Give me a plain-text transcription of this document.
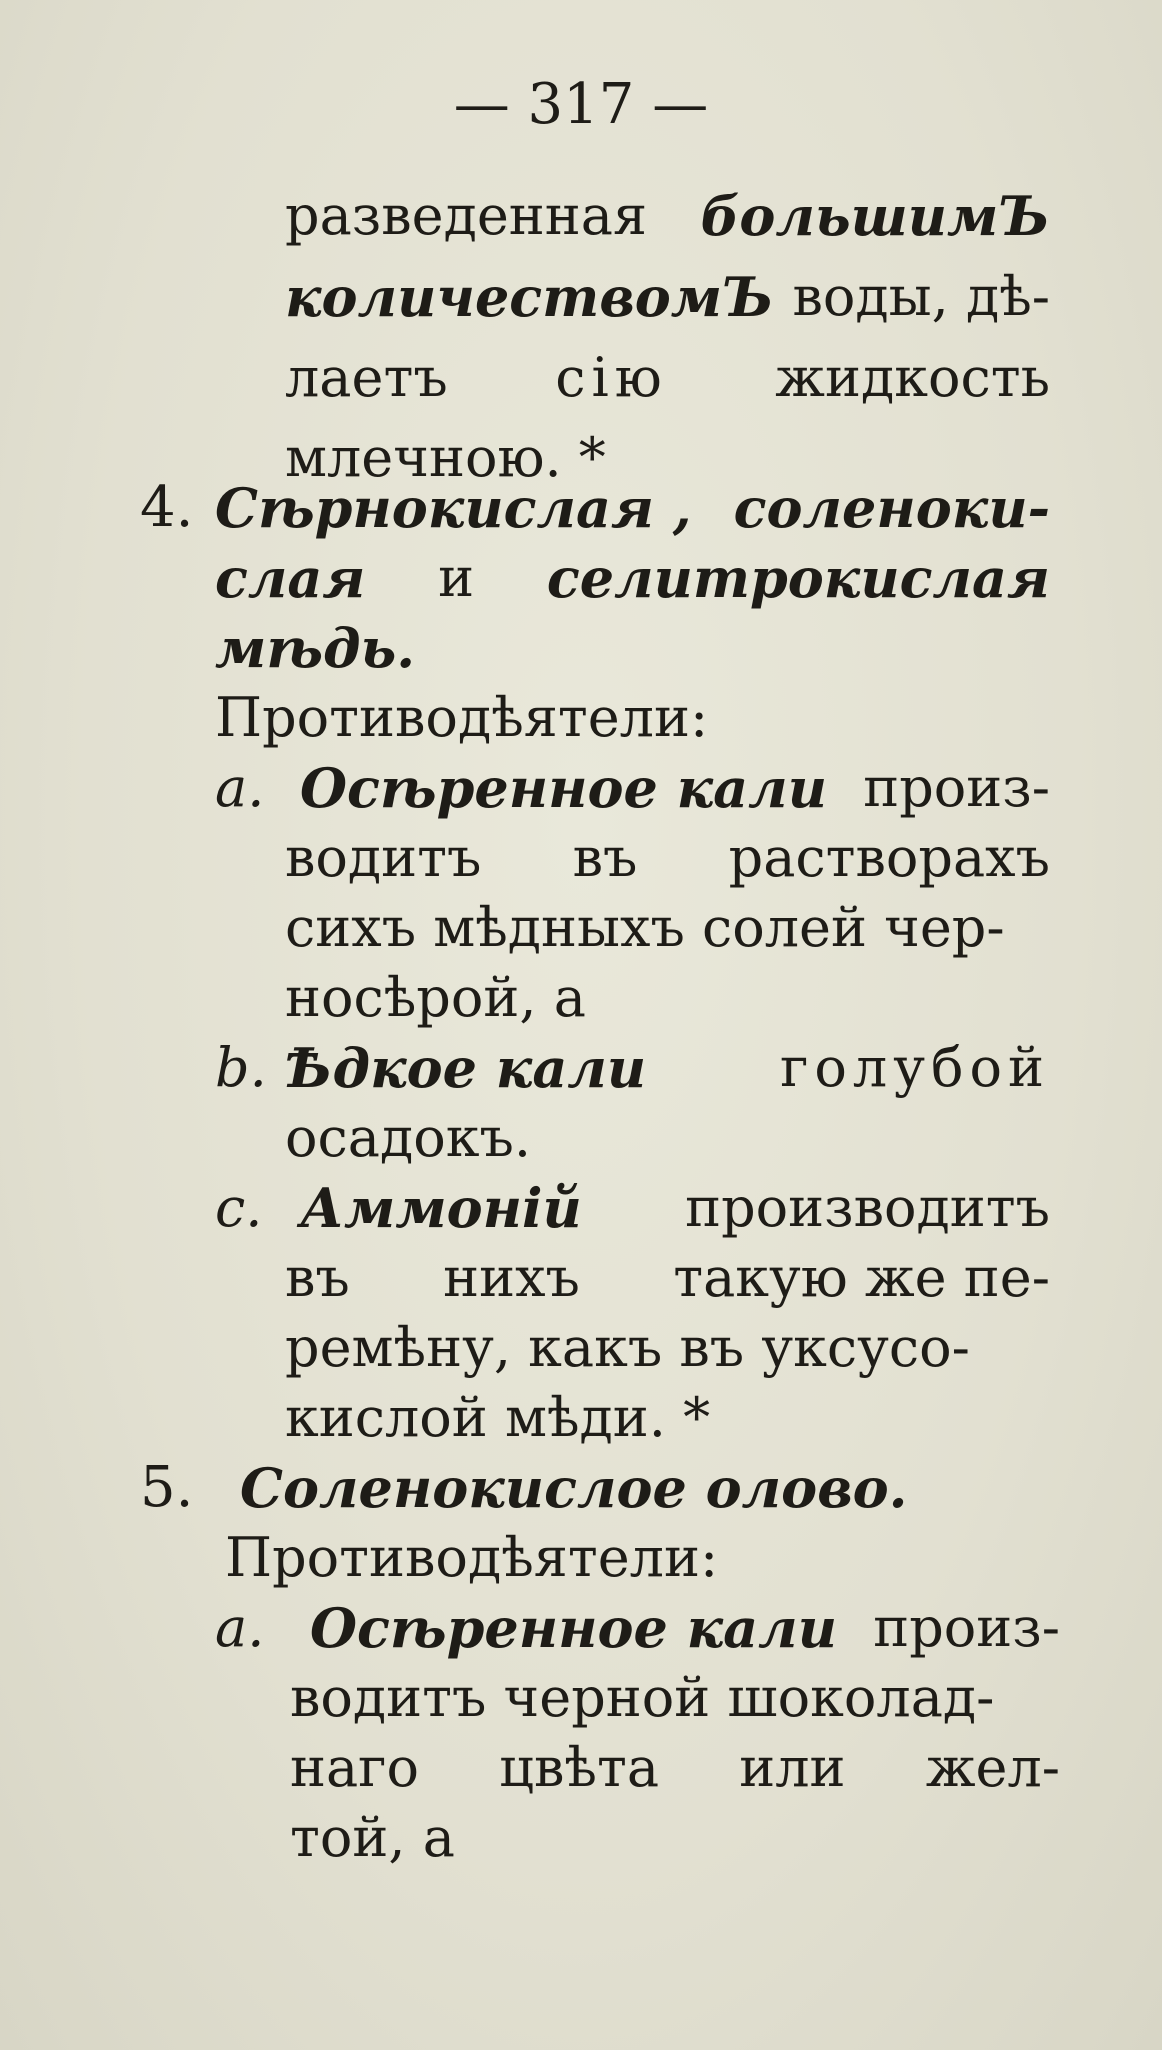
— 317 —
разведенная большимЪ
количествомЪ воды, дѣ-
лаетъ сію жидкость
млечною. *
4. Сѣрнокислая , соленоки-
слая и селитрокислая
мѣдь.
Противодѣятели:
a. Осѣренное кали произ-
водитъ въ растворахъ
сихъ мѣдныхъ солей чер-
носѣрой, а
b. Ѣдкое кали голубой
осадокъ.
c. Аммоній производитъ
въ нихъ такую же пе-
ремѣну, какъ въ уксусо-
кислой мѣди. *
5. Соленокислое олово.
Противодѣятели:
a. Осѣренное кали произ-
водитъ черной шоколад-
наго цвѣта или жел-
той, а
